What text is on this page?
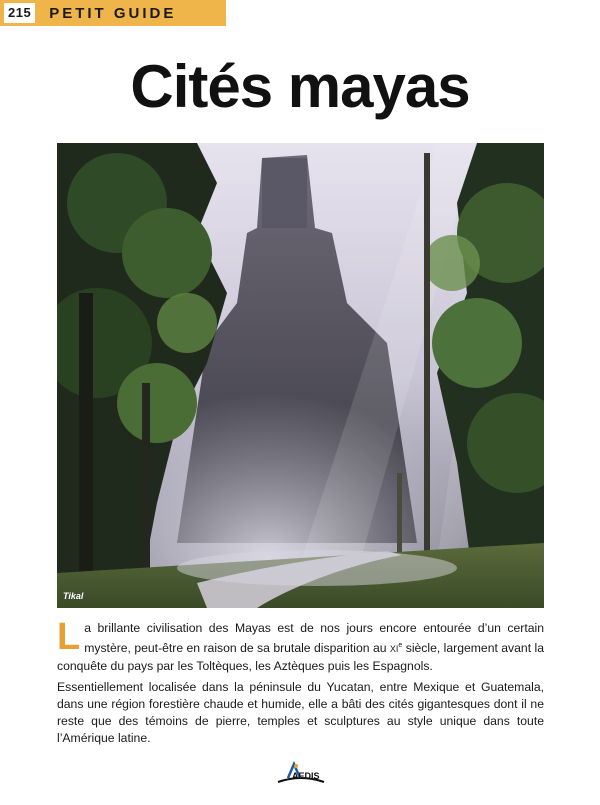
215 PETIT GUIDE
Cités mayas
Tikal

La brillante civilisation des Mayas est de nos jours encore entourée d’un certain mystère, peut-être en raison de sa brutale disparition au XIe siècle, largement avant la conquête du pays par les Toltèques, les Aztèques puis les Espagnols.

Essentiellement localisée dans la péninsule du Yucatan, entre Mexique et Guatemala, dans une région forestière chaude et humide, elle a bâti des cités gigantesques dont il ne reste que des témoins de pierre, temples et sculptures au style unique dans toute l’Amérique latine.

AEDIS
